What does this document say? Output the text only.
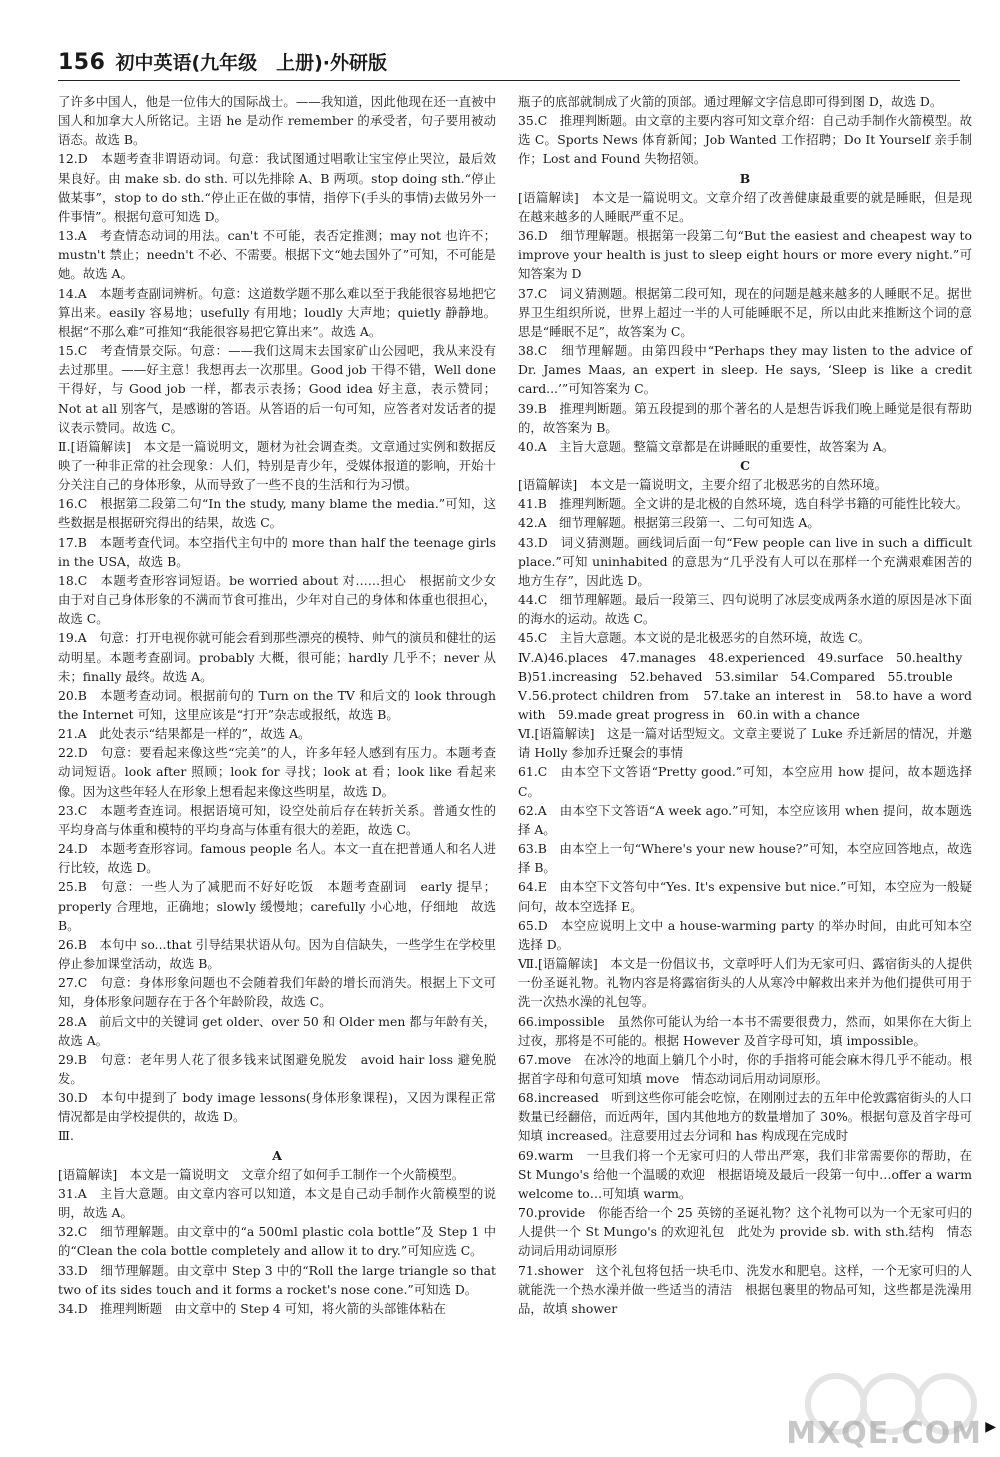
156 初中英语(九年级　上册)·外研版

了许多中国人，他是一位伟大的国际战士。——我知道，因此他现在还一直被中国人和加拿大人所铭记。主语 he 是动作 remember 的承受者，句子要用被动语态。故选 B。

12.D　本题考查非谓语动词。句意：我试图通过唱歌让宝宝停止哭泣，最后效果良好。由 make sb. do sth. 可以先排除 A、B 两项。stop doing sth.“停止做某事”，stop to do sth.“停止正在做的事情，指停下(手头的事情)去做另外一件事情”。根据句意可知选 D。

13.A　考查情态动词的用法。can't 不可能，表否定推测；may not 也许不；mustn't 禁止；needn't 不必、不需要。根据下文“她去国外了”可知，不可能是她。故选 A。

14.A　本题考查副词辨析。句意：这道数学题不那么难以至于我能很容易地把它算出来。easily 容易地；usefully 有用地；loudly 大声地；quietly 静静地。根据“不那么难”可推知“我能很容易把它算出来”。故选 A。

15.C　考查情景交际。句意：——我们这周末去国家矿山公园吧，我从来没有去过那里。——好主意！我想再去一次那里。Good job 干得不错，Well done 干得好，与 Good job 一样，都表示表扬；Good idea 好主意，表示赞同；Not at all 别客气，是感谢的答语。从答语的后一句可知，应答者对发话者的提议表示赞同。故选 C。

Ⅱ.[语篇解读]　本文是一篇说明文，题材为社会调查类。文章通过实例和数据反映了一种非正常的社会现象：人们，特别是青少年，受媒体报道的影响，开始十分关注自己的身体形象，从而导致了一些不良的生活和行为习惯。

16.C　根据第二段第二句“In the study, many blame the media.”可知，这些数据是根据研究得出的结果，故选 C。

17.B　本题考查代词。本空指代主句中的 more than half the teenage girls in the USA，故选 B。

18.C　本题考查形容词短语。be worried about 对……担心　根据前文少女由于对自己身体形象的不满而节食可推出，少年对自己的身体和体重也很担心，故选 C。

19.A　句意：打开电视你就可能会看到那些漂亮的模特、帅气的演员和健壮的运动明星。本题考查副词。probably 大概，很可能；hardly 几乎不；never 从未；finally 最终。故选 A。

20.B　本题考查动词。根据前句的 Turn on the TV 和后文的 look through the Internet 可知，这里应该是“打开”杂志或报纸，故选 B。

21.A　此处表示“结果都是一样的”，故选 A。

22.D　句意：要看起来像这些“完美”的人，许多年轻人感到有压力。本题考查动词短语。look after 照顾；look for 寻找；look at 看；look like 看起来像。因为这些年轻人在形象上想看起来像这些明星，故选 D。

23.C　本题考查连词。根据语境可知，设空处前后存在转折关系。普通女性的平均身高与体重和模特的平均身高与体重有很大的差距，故选 C。

24.D　本题考查形容词。famous people 名人。本文一直在把普通人和名人进行比较，故选 D。

25.B　句意：一些人为了减肥而不好好吃饭　本题考查副词　early 提早；properly 合理地，正确地；slowly 缓慢地；carefully 小心地，仔细地　故选 B。

26.B　本句中 so...that 引导结果状语从句。因为自信缺失，一些学生在学校里停止参加课堂活动，故选 B。

27.C　句意：身体形象问题也不会随着我们年龄的增长而消失。根据上下文可知，身体形象问题存在于各个年龄阶段，故选 C。

28.A　前后文中的关键词 get older、over 50 和 Older men 都与年龄有关，故选 A。

29.B　句意：老年男人花了很多钱来试图避免脱发　avoid hair loss 避免脱发。

30.D　本句中提到了 body image lessons(身体形象课程)，又因为课程正常情况都是由学校提供的，故选 D。

Ⅲ.

A

[语篇解读]　本文是一篇说明文　文章介绍了如何手工制作一个火箭模型。

31.A　主旨大意题。由文章内容可以知道，本文是自己动手制作火箭模型的说明，故选 A。

32.C　细节理解题。由文章中的“a 500ml plastic cola bottle”及 Step 1 中的“Clean the cola bottle completely and allow it to dry.”可知应选 C。

33.D　细节理解题。由文章中 Step 3 中的“Roll the large triangle so that two of its sides touch and it forms a rocket's nose cone.”可知选 D。

34.D　推理判断题　由文章中的 Step 4 可知，将火箭的头部锥体粘在

瓶子的底部就制成了火箭的顶部。通过理解文字信息即可得到图 D，故选 D。

35.C　推理判断题。由文章的主要内容可知文章介绍：自己动手制作火箭模型。故选 C。Sports News 体育新闻；Job Wanted 工作招聘；Do It Yourself 亲手制作；Lost and Found 失物招领。

B

[语篇解读]　本文是一篇说明文。文章介绍了改善健康最重要的就是睡眠，但是现在越来越多的人睡眠严重不足。

36.D　细节理解题。根据第一段第二句“But the easiest and cheapest way to improve your health is just to sleep eight hours or more every night.”可知答案为 D

37.C　词义猜测题。根据第二段可知，现在的问题是越来越多的人睡眠不足。据世界卫生组织所说，世界上超过一半的人可能睡眠不足，所以由此来推断这个词的意思是“睡眠不足”，故答案为 C。

38.C　细节理解题。由第四段中“Perhaps they may listen to the advice of Dr. James Maas, an expert in sleep. He says, ‘Sleep is like a credit card...’”可知答案为 C。

39.B　推理判断题。第五段提到的那个著名的人是想告诉我们晚上睡觉是很有帮助的，故答案为 B。

40.A　主旨大意题。整篇文章都是在讲睡眠的重要性，故答案为 A。

C

[语篇解读]　本文是一篇说明文，主要介绍了北极恶劣的自然环境。

41.B　推理判断题。全文讲的是北极的自然环境，选自科学书籍的可能性比较大。

42.A　细节理解题。根据第三段第一、二句可知选 A。

43.D　词义猜测题。画线词后面一句“Few people can live in such a difficult place.”可知 uninhabited 的意思为“几乎没有人可以在那样一个充满艰难困苦的地方生存”，因此选 D。

44.C　细节理解题。最后一段第三、四句说明了冰层变成两条水道的原因是冰下面的海水的运动。故选 C。

45.C　主旨大意题。本文说的是北极恶劣的自然环境，故选 C。

Ⅳ.A)46.places　47.manages　48.experienced　49.surface　50.healthy

B)51.increasing　52.behaved　53.similar　54.Compared　55.trouble

Ⅴ.56.protect children from　57.take an interest in　58.to have a word with　59.made great progress in　60.in with a chance

Ⅵ.[语篇解读]　这是一篇对话型短文。文章主要说了 Luke 乔迁新居的情况，并邀请 Holly 参加乔迁聚会的事情

61.C　由本空下文答语“Pretty good.”可知，本空应用 how 提问，故本题选择 C。

62.A　由本空下文答语“A week ago.”可知，本空应该用 when 提问，故本题选择 A。

63.B　由本空上一句“Where's your new house?”可知，本空应回答地点，故选择 B。

64.E　由本空下文答句中“Yes. It's expensive but nice.”可知，本空应为一般疑问句，故本空选择 E。

65.D　本空应说明上文中 a house-warming party 的举办时间，由此可知本空选择 D。

Ⅶ.[语篇解读]　本文是一份倡议书，文章呼吁人们为无家可归、露宿街头的人提供一份圣诞礼物。礼物内容是将露宿街头的人从寒冷中解救出来并为他们提供可用于洗一次热水澡的礼包等。

66.impossible　虽然你可能认为给一本书不需要很费力，然而，如果你在大街上过夜，那将是不可能的。根据 However 及首字母可知，填 impossible。

67.move　在冰冷的地面上躺几个小时，你的手指将可能会麻木得几乎不能动。根据首字母和句意可知填 move　情态动词后用动词原形。

68.increased　听到这些你可能会吃惊，在刚刚过去的五年中伦敦露宿街头的人口数量已经翻倍，而近两年，国内其他地方的数量增加了 30%。根据句意及首字母可知填 increased。注意要用过去分词和 has 构成现在完成时

69.warm　一旦我们将一个无家可归的人带出严寒，我们非常需要你的帮助，在 St Mungo's 给他一个温暖的欢迎　根据语境及最后一段第一句中…offer a warm welcome to…可知填 warm。

70.provide　你能否给一个 25 英镑的圣诞礼物？这个礼物可以为一个无家可归的人提供一个 St Mungo's 的欢迎礼包　此处为 provide sb. with sth.结构　情态动词后用动词原形

71.shower　这个礼包将包括一块毛巾、洗发水和肥皂。这样，一个无家可归的人就能洗一个热水澡并做一些适当的清洁　根据包裹里的物品可知，这些都是洗澡用品，故填 shower

MXQE.COM ▶
